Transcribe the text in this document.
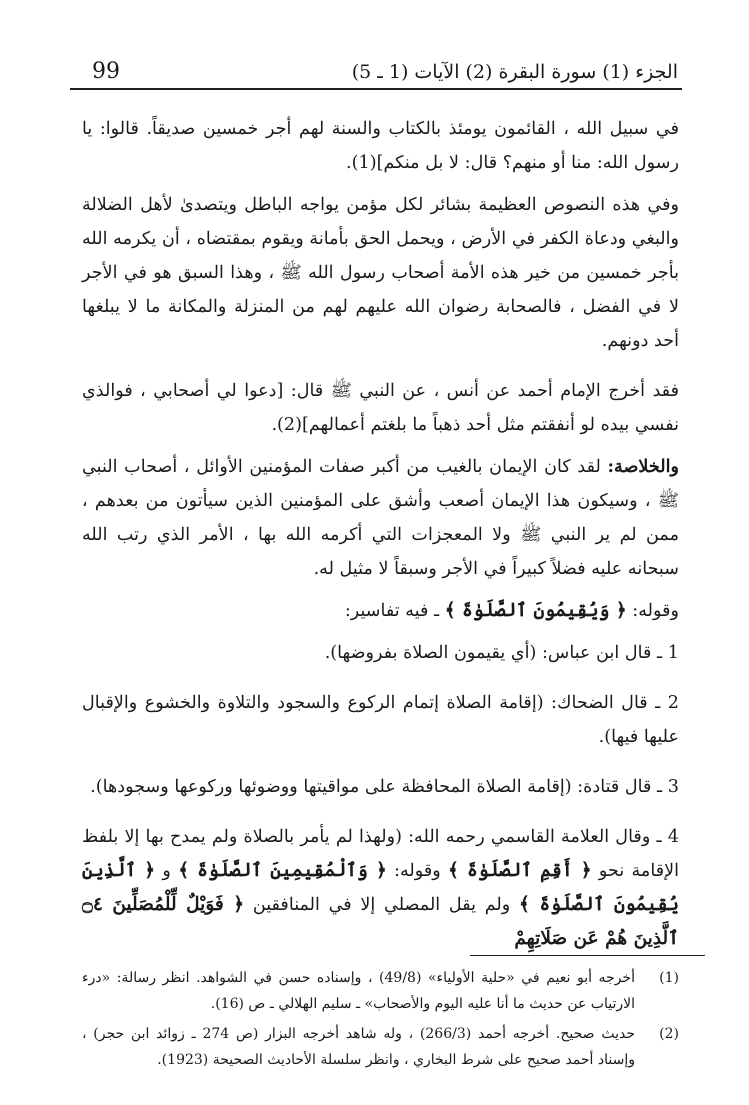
99	الجزء (1) سورة البقرة (2) الآيات (1 ـ 5)

في سبيل الله ، القائمون يومئذ بالكتاب والسنة لهم أجر خمسين صديقاً. قالوا: يا رسول الله: منا أو منهم؟ قال: لا بل منكم](1).

وفي هذه النصوص العظيمة بشائر لكل مؤمن يواجه الباطل ويتصدىٰ لأهل الضلالة والبغي ودعاة الكفر في الأرض ، ويحمل الحق بأمانة ويقوم بمقتضاه ، أن يكرمه الله بأجر خمسين من خير هذه الأمة أصحاب رسول الله ﷺ ، وهذا السبق هو في الأجر لا في الفضل ، فالصحابة رضوان الله عليهم لهم من المنزلة والمكانة ما لا يبلغها أحد دونهم.

فقد أخرج الإمام أحمد عن أنس ، عن النبي ﷺ قال: [دعوا لي أصحابي ، فوالذي نفسي بيده لو أنفقتم مثل أحد ذهباً ما بلغتم أعمالهم](2).

والخلاصة: لقد كان الإيمان بالغيب من أكبر صفات المؤمنين الأوائل ، أصحاب النبي ﷺ ، وسيكون هذا الإيمان أصعب وأشق على المؤمنين الذين سيأتون من بعدهم ، ممن لم ير النبي ﷺ ولا المعجزات التي أكرمه الله بها ، الأمر الذي رتب الله سبحانه عليه فضلاً كبيراً في الأجر وسبقاً لا مثيل له.

وقوله: ﴿ وَيُقِيمُونَ ٱلصَّلَوٰةَ ﴾ ـ فيه تفاسير:

1 ـ قال ابن عباس: (أي يقيمون الصلاة بفروضها).

2 ـ قال الضحاك: (إقامة الصلاة إتمام الركوع والسجود والتلاوة والخشوع والإقبال عليها فيها).

3 ـ قال قتادة: (إقامة الصلاة المحافظة على مواقيتها ووضوئها وركوعها وسجودها).

4 ـ وقال العلامة القاسمي رحمه الله: (ولهذا لم يأمر بالصلاة ولم يمدح بها إلا بلفظ الإقامة نحو ﴿ أَقِمِ ٱلصَّلَوٰةَ ﴾ وقوله: ﴿ وَٱلْمُقِيمِينَ ٱلصَّلَوٰةَ ﴾ و ﴿ ٱلَّذِينَ يُقِيمُونَ ٱلصَّلَوٰةَ ﴾ ولم يقل المصلي إلا في المنافقين ﴿ فَوَيْلٌ لِّلْمُصَلِّينَ ۝٤ ٱلَّذِينَ هُمْ عَن صَلَاتِهِمْ

(1)
أخرجه أبو نعيم في «حلية الأولياء» (49/8) ، وإسناده حسن في الشواهد. انظر رسالة: «درء الارتياب عن حديث ما أنا عليه اليوم والأصحاب» ـ سليم الهلالي ـ ص (16).
(2)
حديث صحيح. أخرجه أحمد (266/3) ، وله شاهد أخرجه البزار (ص 274 ـ زوائد ابن حجر) ، وإسناد أحمد صحيح على شرط البخاري ، وانظر سلسلة الأحاديث الصحيحة (1923).
